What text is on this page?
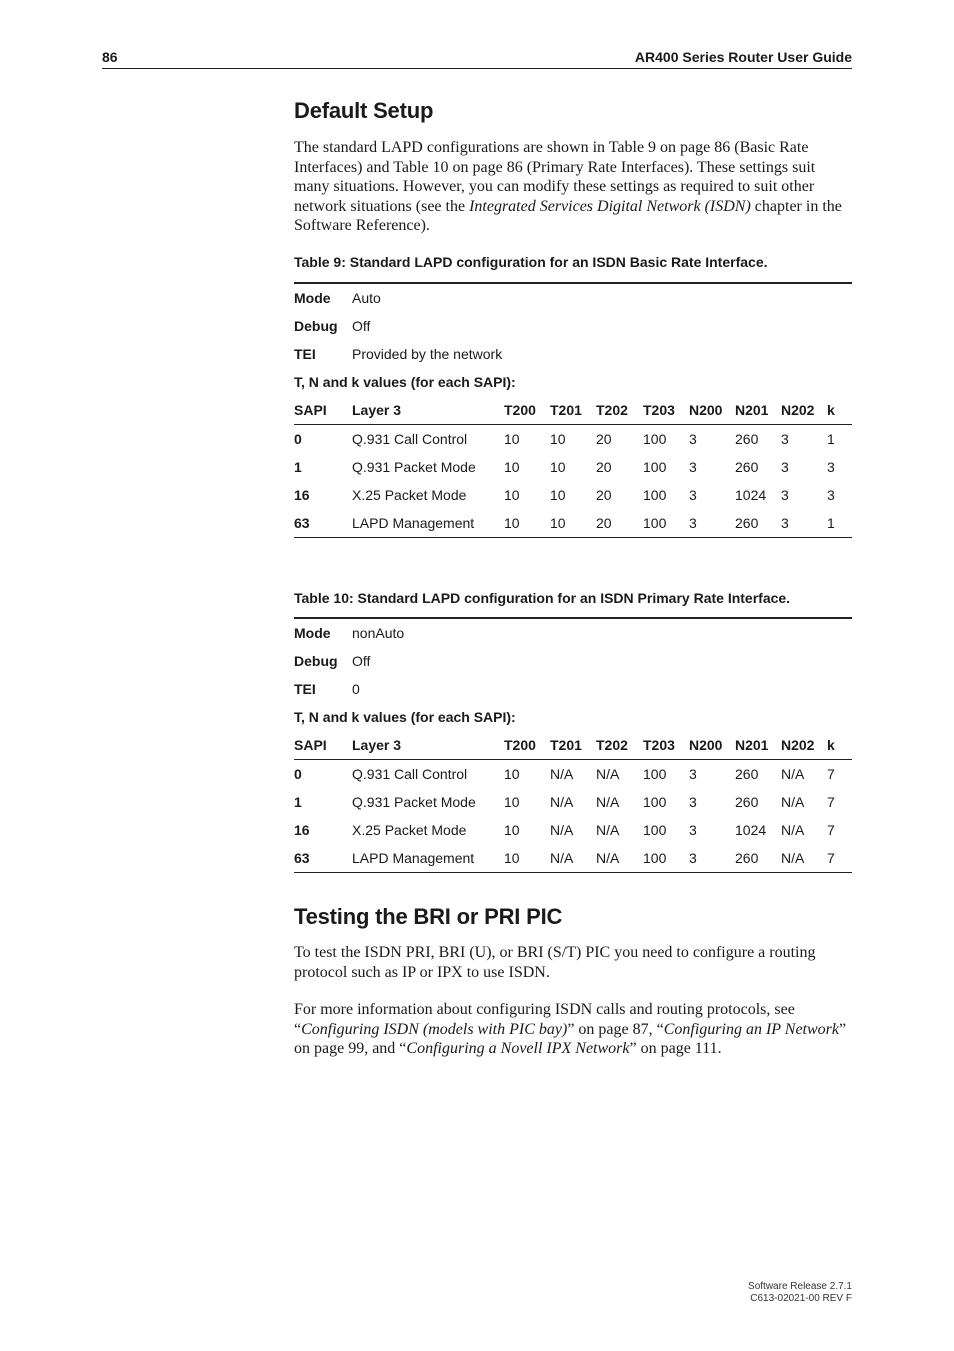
86	AR400 Series Router User Guide
Default Setup

The standard LAPD configurations are shown in Table 9 on page 86 (Basic Rate Interfaces) and Table 10 on page 86 (Primary Rate Interfaces). These settings suit many situations. However, you can modify these settings as required to suit other network situations (see the Integrated Services Digital Network (ISDN) chapter in the Software Reference).

Table 9: Standard LAPD configuration for an ISDN Basic Rate Interface.
Mode Auto
Debug Off
TEI	Provided by the network
T, N and k values (for each SAPI):
SAPI Layer 3	T200 T201 T202 T203 N200 N201 N202 k
0	Q.931 Call Control	10 10 20 100 3	260 3	1
1	Q.931 Packet Mode 10 10 20 100 3	260 3	3
16	X.25 Packet Mode	10 10 20 100 3	1024 3	3
63	LAPD Management 10 10 20 100 3	260 3	1
Table 10: Standard LAPD configuration for an ISDN Primary Rate Interface.
Mode nonAuto
Debug Off
TEI	0
T, N and k values (for each SAPI):
SAPI Layer 3	T200 T201 T202 T203 N200 N201 N202 k
0	Q.931 Call Control	10 N/A N/A 100 3	260 N/A 7
1	Q.931 Packet Mode 10 N/A N/A 100 3	260 N/A 7
16	X.25 Packet Mode	10 N/A N/A 100 3	1024 N/A 7
63	LAPD Management 10 N/A N/A 100 3	260 N/A 7
Testing the BRI or PRI PIC

To test the ISDN PRI, BRI (U), or BRI (S/T) PIC you need to configure a routing protocol such as IP or IPX to use ISDN.

For more information about configuring ISDN calls and routing protocols, see “Configuring ISDN (models with PIC bay)” on page 87, “Configuring an IP Network” on page 99, and “Configuring a Novell IPX Network” on page 111.

Software Release 2.7.1
C613-02021-00 REV F
